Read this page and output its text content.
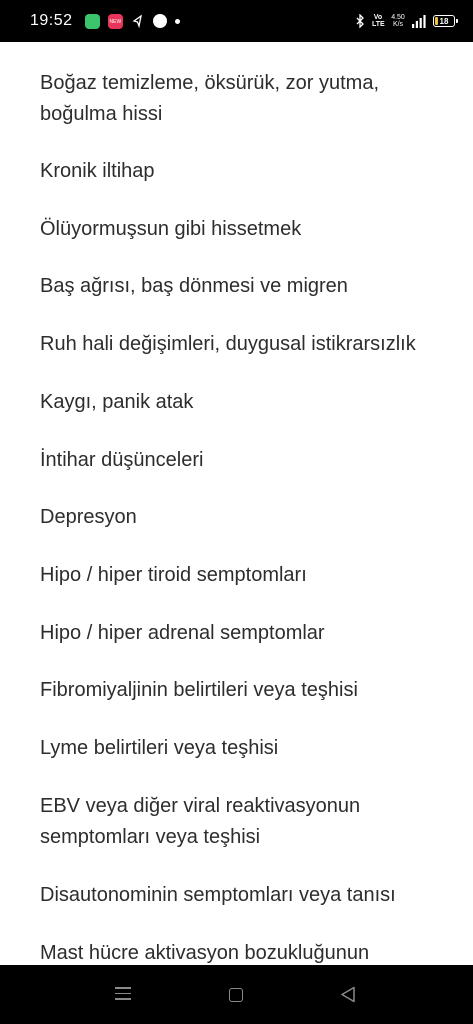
19:52
NEW	Vo LTE
4.50 K/s	18

Boğaz temizleme, öksürük, zor yutma, boğulma hissi

Kronik iltihap

Ölüyormuşsun gibi hissetmek

Baş ağrısı, baş dönmesi ve migren

Ruh hali değişimleri, duygusal istikrarsızlık

Kaygı, panik atak

İntihar düşünceleri

Depresyon

Hipo / hiper tiroid semptomları

Hipo / hiper adrenal semptomlar

Fibromiyaljinin belirtileri veya teşhisi

Lyme belirtileri veya teşhisi

EBV veya diğer viral reaktivasyonun semptomları veya teşhisi

Disautonominin semptomları veya tanısı

Mast hücre aktivasyon bozukluğunun
